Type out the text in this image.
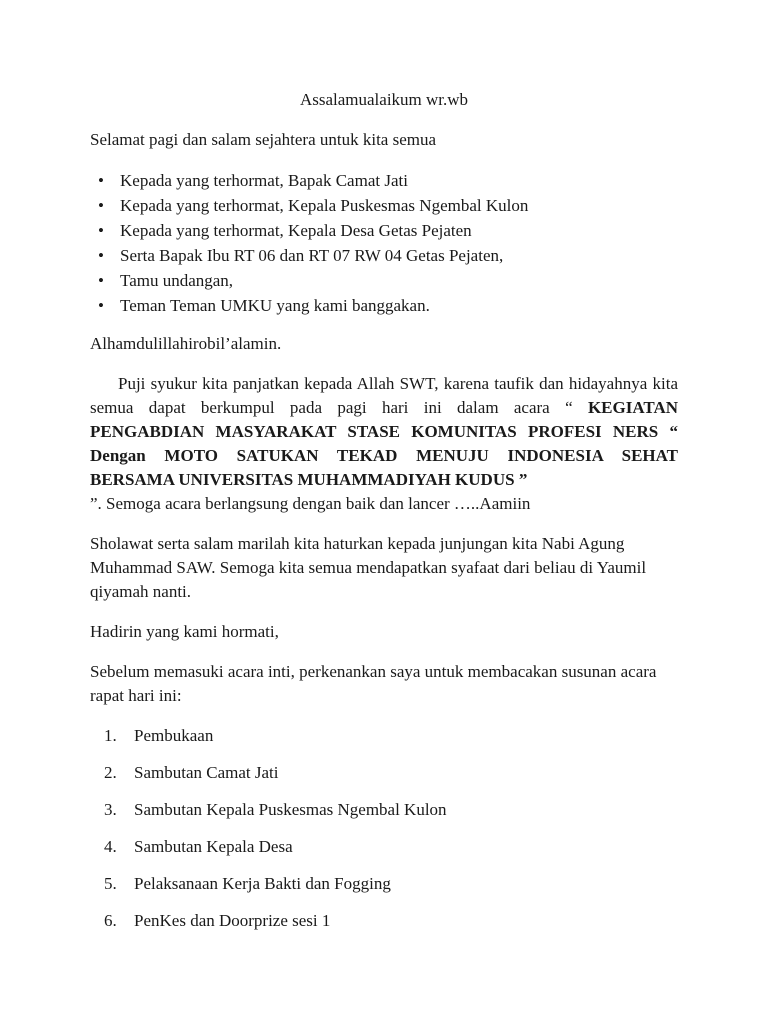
Assalamualaikum wr.wb

Selamat pagi dan salam sejahtera untuk kita semua

• Kepada yang terhormat, Bapak Camat Jati
• Kepada yang terhormat, Kepala Puskesmas Ngembal Kulon
• Kepada yang terhormat, Kepala Desa Getas Pejaten
• Serta Bapak Ibu RT 06 dan RT 07 RW 04 Getas Pejaten,
• Tamu undangan,
• Teman Teman UMKU yang kami banggakan.

Alhamdulillahirobil’alamin.

Puji syukur kita panjatkan kepada Allah SWT, karena taufik dan hidayahnya kita semua dapat berkumpul pada pagi hari ini dalam acara “ KEGIATAN PENGABDIAN MASYARAKAT STASE KOMUNITAS PROFESI NERS “ Dengan MOTO SATUKAN TEKAD MENUJU INDONESIA SEHAT BERSAMA UNIVERSITAS MUHAMMADIYAH KUDUS ”

”. Semoga acara berlangsung dengan baik dan lancer …..Aamiin

Sholawat serta salam marilah kita haturkan kepada junjungan kita Nabi Agung Muhammad SAW. Semoga kita semua mendapatkan syafaat dari beliau di Yaumil qiyamah nanti.

Hadirin yang kami hormati,

Sebelum memasuki acara inti, perkenankan saya untuk membacakan susunan acara rapat hari ini:

1. Pembukaan
2. Sambutan Camat Jati
3. Sambutan Kepala Puskesmas Ngembal Kulon
4. Sambutan Kepala Desa
5. Pelaksanaan Kerja Bakti dan Fogging
6. PenKes dan Doorprize sesi 1
